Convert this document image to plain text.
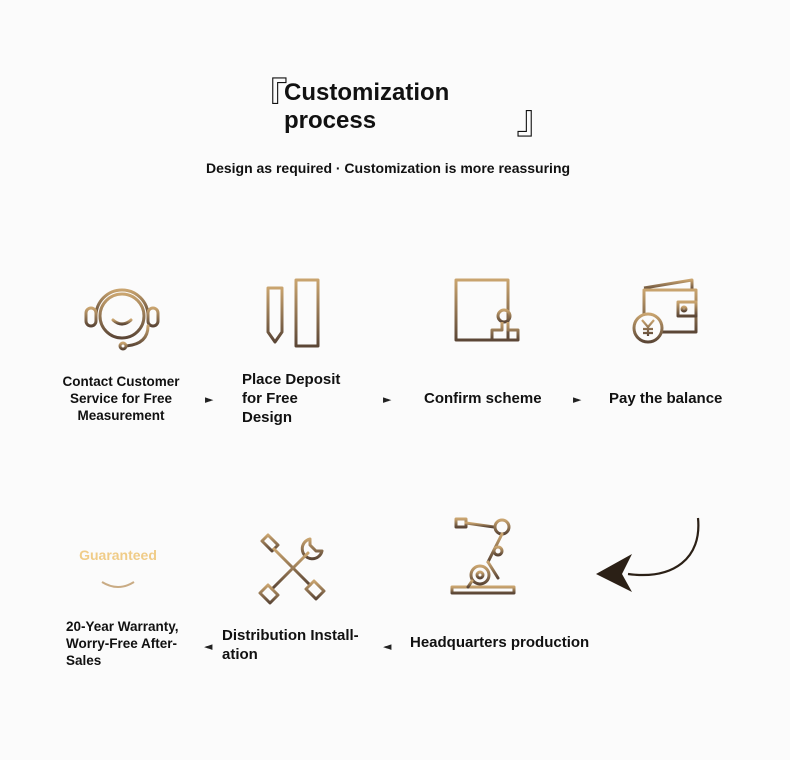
『
Customization process	』
Design as required · Customization is more reassuring
Contact Customer Service for Free Measurement
►
Place Deposit for Free Design
► Confirm scheme	► Pay the balance
Guaranteed
Headquarters production
◄
Distribution Install-ation
◄
20-Year Warranty, Worry-Free After-Sales
